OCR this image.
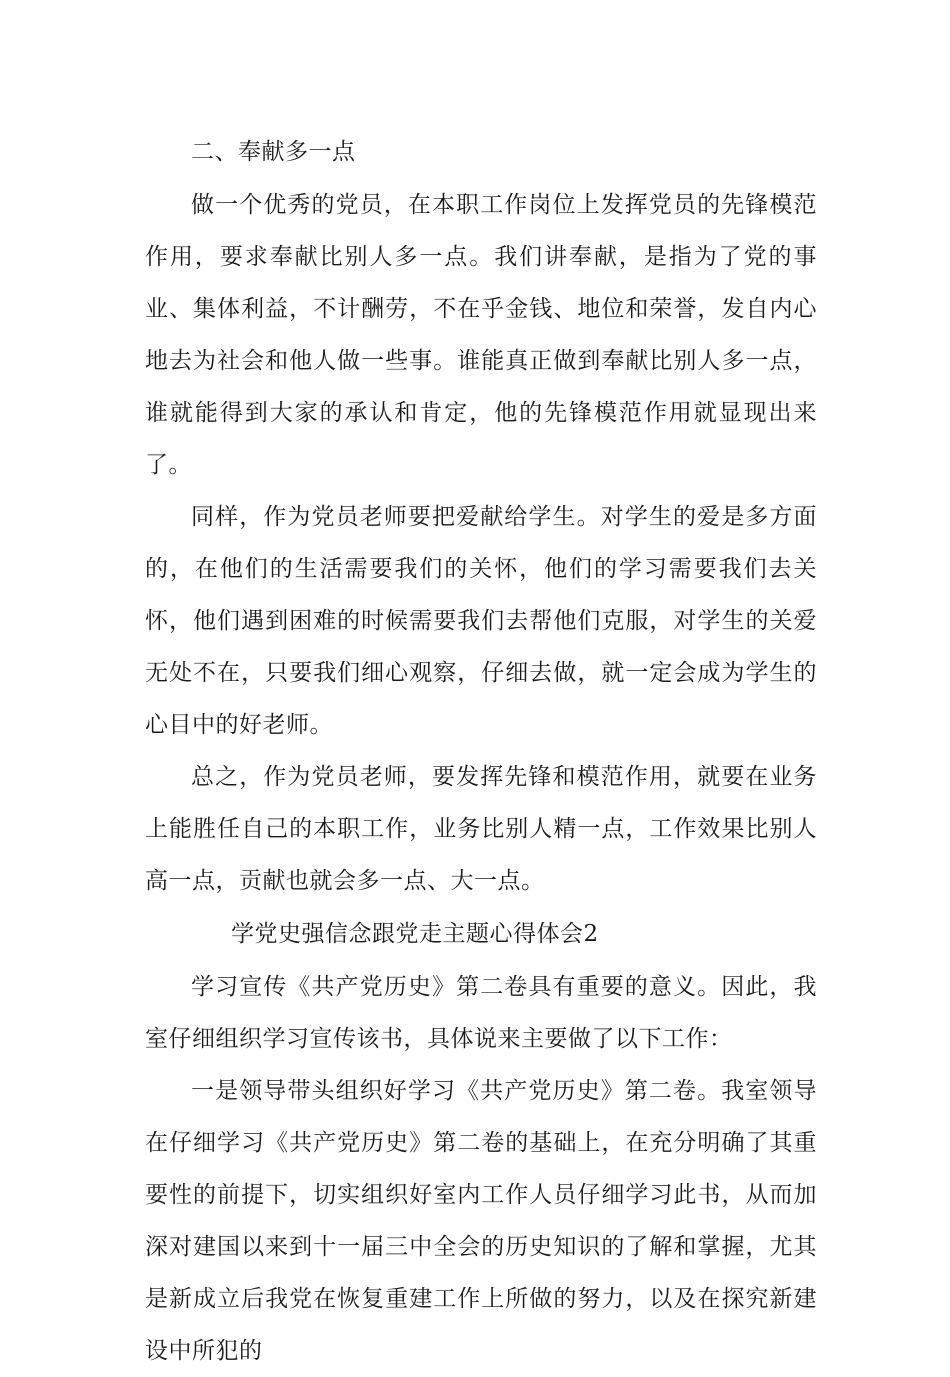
二、奉献多一点

做一个优秀的党员，在本职工作岗位上发挥党员的先锋模范作用，要求奉献比别人多一点。我们讲奉献，是指为了党的事业、集体利益，不计酬劳，不在乎金钱、地位和荣誉，发自内心地去为社会和他人做一些事。谁能真正做到奉献比别人多一点，谁就能得到大家的承认和肯定，他的先锋模范作用就显现出来了。

同样，作为党员老师要把爱献给学生。对学生的爱是多方面的，在他们的生活需要我们的关怀，他们的学习需要我们去关怀，他们遇到困难的时候需要我们去帮他们克服，对学生的关爱无处不在，只要我们细心观察，仔细去做，就一定会成为学生的心目中的好老师。

总之，作为党员老师，要发挥先锋和模范作用，就要在业务上能胜任自己的本职工作，业务比别人精一点，工作效果比别人高一点，贡献也就会多一点、大一点。

学党史强信念跟党走主题心得体会2

学习宣传《共产党历史》第二卷具有重要的意义。因此，我室仔细组织学习宣传该书，具体说来主要做了以下工作：

一是领导带头组织好学习《共产党历史》第二卷。我室领导在仔细学习《共产党历史》第二卷的基础上，在充分明确了其重要性的前提下，切实组织好室内工作人员仔细学习此书，从而加深对建国以来到十一届三中全会的历史知识的了解和掌握，尤其是新成立后我党在恢复重建工作上所做的努力，以及在探究新建设中所犯的
